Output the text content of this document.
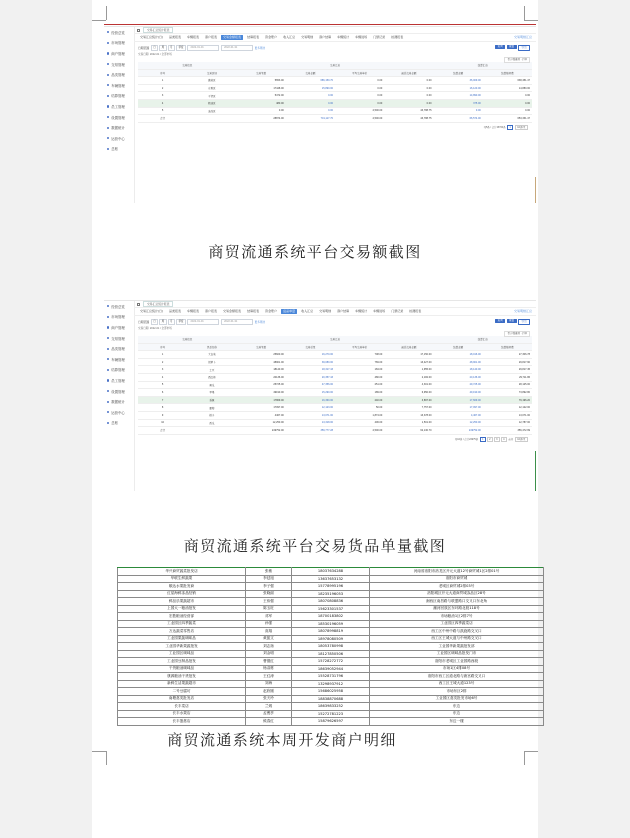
经营总览
市场管理
商户管理
交易管理
品类管理
车辆管理
结算管理
员工管理
设置管理
数据统计
运营中心
总账
交易汇总统计报表
交易汇总统计(日)	品类报表	车辆报表	商户报表	交易金额报表	结算报表	资金账户	收入汇总	交易明细	商户结算	车辆统计	车辆进场	门禁记录	检测报表	交易明细汇总
日期范围	日	周	月	季度	2022-01-01	2022-01-31	更多筛选
查询	重置	导出
交易日期: 2022-01 / 全部市场
显示/隐藏列 · 打印
交易信息		交易汇总				结算汇总	
序号	交易区域	交易笔数	交易金额	平均交易单价	最高交易金额	结算金额	结算服务费
1	蔬菜区	5653.00	686,150.70	0.00	0.00	36,009.00	638,451.47
2	水果区	17448.00	15,890.00	0.00	0.00	16,120.00	14,880.00
3	干货区	5472.00	0.00	0.00	0.00	14,890.00	0.00
4	粮油区	480.00	0.00	0.00	0.00	375.00	0.00
5	冻品区	0.00	0.00	4,500.00	43,788.75	0.00	0.00
合计		28874.00	701,117.70	4,500.00	43,788.75	66,574.00	653,331.47
共5条 / 合计15700条	1	10条/页
商贸流通系统平台交易额截图
经营总览
市场管理
商户管理
交易管理
品类管理
车辆管理
结算管理
员工管理
设置管理
数据统计
运营中心
总账
交易汇总统计报表
交易汇总统计(日)	品类报表	车辆报表	商户报表	交易金额报表	结算报表	资金账户	货品单量	收入汇总	交易明细	商户结算	车辆统计	车辆进场	门禁记录	检测报表	交易明细汇总
日期范围	日	周	月	季度	2022-01-01	2022-01-31	更多筛选
查询	重置	导出
交易日期: 2022-01 / 全部市场
显示/隐藏列 · 打印
交易信息		交易汇总				结算汇总	
序号	货品名称	交易笔数	交易重量	平均交易单价	最高交易金额	结算金额	结算服务费
1	大白菜	25820.00	16,270.00	708.00	17,150.00	18,016.00	27,306.78
2	胡萝卜	48901.00	39,080.00	769.00	13,427.00	48,901.00	29,817.90
3	土豆	18140.00	18,317.43	184.00	1,955.00	18,140.00	29,817.45
4	西红柿	20136.00	20,357.43	480.00	2,182.00	20,136.00	29,711.86
5	黄瓜	25725.00	47,356.00	251.00	4,301.00	29,725.00	28,125.00
6	苹果	49190.00	15,290.00	189.00	6,950.00	49,190.00	73,892.80
7	香蕉	17869.00	16,360.00	240.00	3,897.00	17,669.00	79,196.20
8	葡萄	17097.00	12,123.00	50.00	7,757.00	17,097.00	12,122.00
9	橙子	4467.00	13,071.00	1,874.00	13,378.00	4,467.00	13,071.00
10	西瓜	12,250.00	13,318.00	406.00	1,501.00	12,250.00	12,787.00
合计		249752.00	359,777.28	4,500.00	62,130.70	249752.00	356,472.99
共10条 / 合计24975条	1	2	3	4	前往	10条/页
商贸流通系统平台交易货品单量截图
华兴商贸蔬菜批发店	张敏	18037634288	河南省洛阳市洛龙区开元大道12号商贸城1区2排01号
华联生鲜蔬果	李廷旭	13637653132	洛阳市商贸城
顺达水果批发商	李子强	15778995196	老城区商贸城2排03号
红星海鲜冻品经销	张晓丽	18235196053	洛阳城区开元大道商贸城冻品区28号
鲜品乐果蔬超市	王伟强	18070808836	涧西区南昌路与联盟路口交叉口东北角
上园大一粮油批发	陈玉旺	15623301537	瀍河回族区东环路北段118号
宏胜粮油经营部	邓军	18700183802	市场粮油1区2排7号
工业园区四季蔬菜	孙强	18530196059	工业园区四季蔬菜店
万达蔬菜零售店	高翔	18078998819	西工区中州中路与凯旋路交叉口
工业园果蔬调味品	黄振文	18978080509	西工区王城大道与中州路交叉口
工业园华新果蔬批发	刘志扬	18053780998	工业园华新果蔬批发部
工业园区调味品	刘金明	18127850506	工业园区调味品批发门市
工业园豆制品批发	曹德红	15728272772	洛阳市老城区工业园路西段
干货粮油调味品	杨双栋	18639052944	市场1区4排08号
康源粮油干货批发	王红涛	15528731796	洛阳市西工区道北路与唐宫路交叉口
新鲜生活果蔬超市	刘海	13298937912	西工区王城大道123号
二号豆腐坊	赵欣刚	15686025958	市场东区2排
南塘禽类批发店	张天玲	18838870688	工业园区禽类批发市场6号
长丰菜店	兰炳	18639833252	东边
长丰水果店	孟俊亭	15272781223	东边
长丰蛋禽店	候春红	15879626597	东边一楼
商贸流通系统本周开发商户明细
